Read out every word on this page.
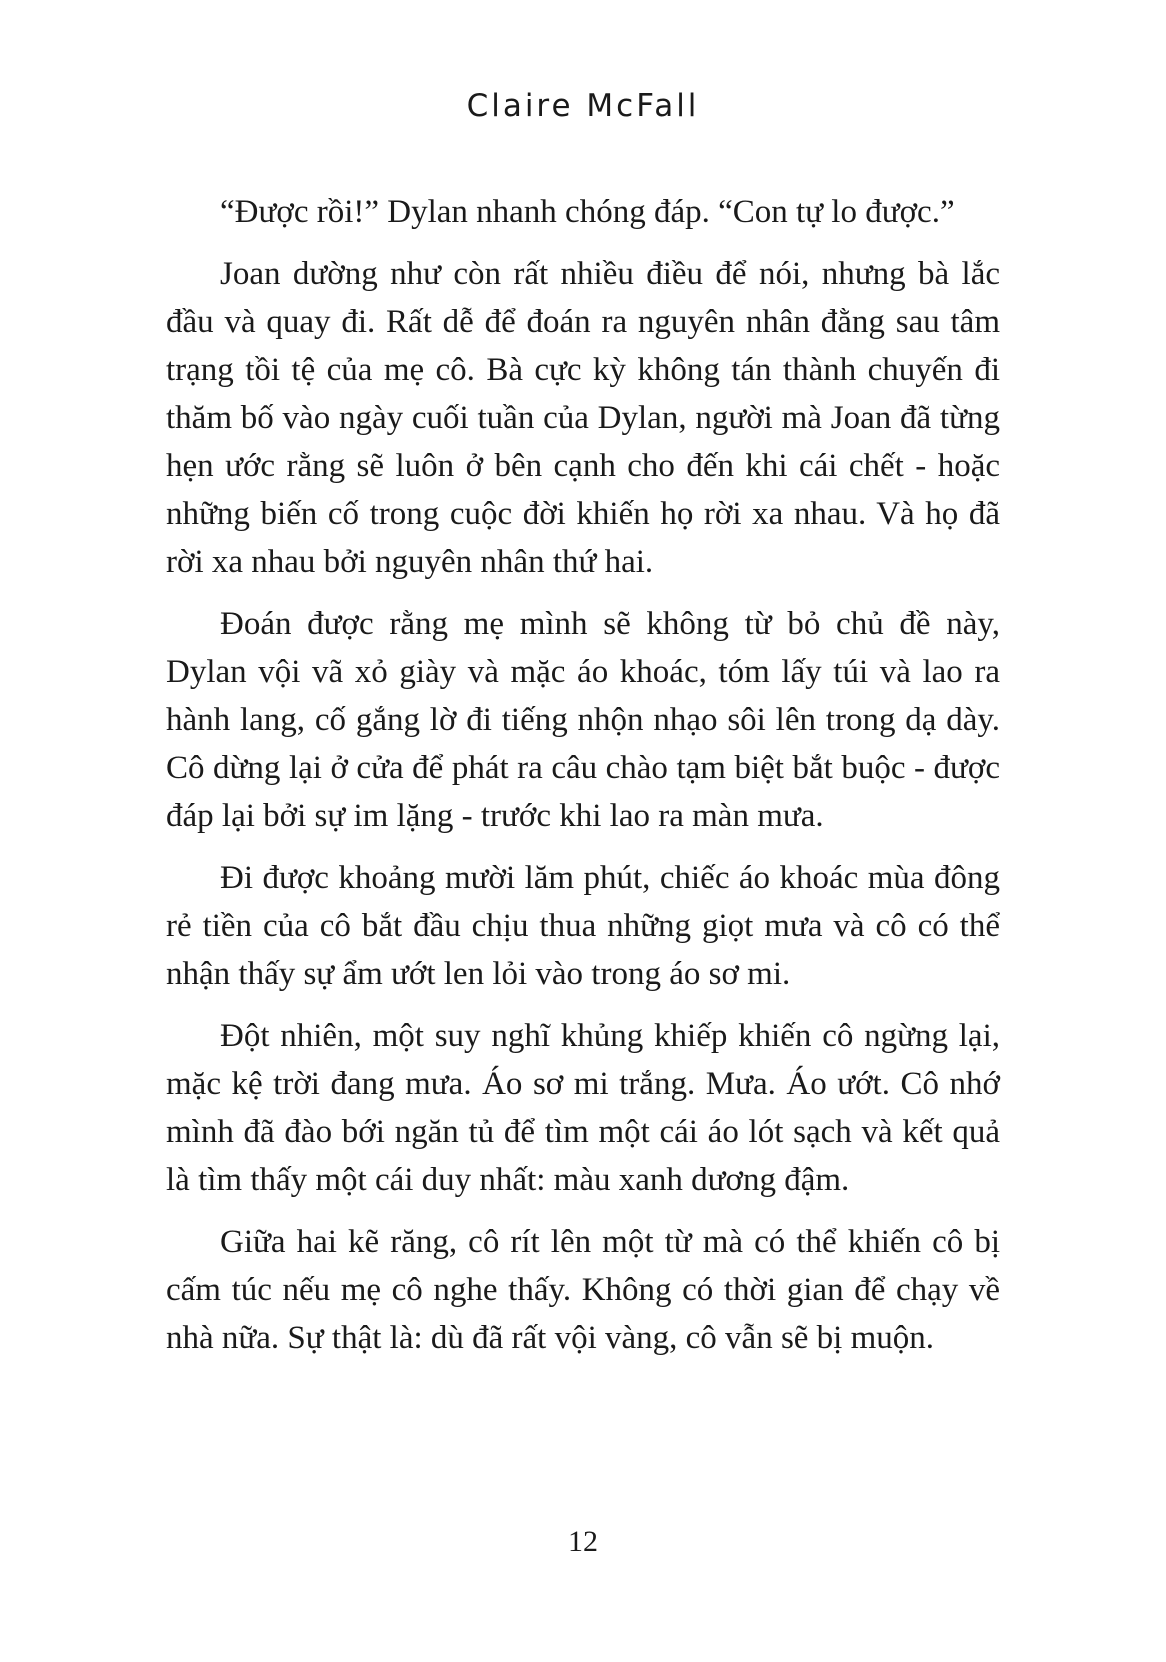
Claire McFall

“Được rồi!” Dylan nhanh chóng đáp. “Con tự lo được.”

Joan dường như còn rất nhiều điều để nói, nhưng bà lắc đầu và quay đi. Rất dễ để đoán ra nguyên nhân đằng sau tâm trạng tồi tệ của mẹ cô. Bà cực kỳ không tán thành chuyến đi thăm bố vào ngày cuối tuần của Dylan, người mà Joan đã từng hẹn ước rằng sẽ luôn ở bên cạnh cho đến khi cái chết - hoặc những biến cố trong cuộc đời khiến họ rời xa nhau. Và họ đã rời xa nhau bởi nguyên nhân thứ hai.

Đoán được rằng mẹ mình sẽ không từ bỏ chủ đề này, Dylan vội vã xỏ giày và mặc áo khoác, tóm lấy túi và lao ra hành lang, cố gắng lờ đi tiếng nhộn nhạo sôi lên trong dạ dày. Cô dừng lại ở cửa để phát ra câu chào tạm biệt bắt buộc - được đáp lại bởi sự im lặng - trước khi lao ra màn mưa.

Đi được khoảng mười lăm phút, chiếc áo khoác mùa đông rẻ tiền của cô bắt đầu chịu thua những giọt mưa và cô có thể nhận thấy sự ẩm ướt len lỏi vào trong áo sơ mi.

Đột nhiên, một suy nghĩ khủng khiếp khiến cô ngừng lại, mặc kệ trời đang mưa. Áo sơ mi trắng. Mưa. Áo ướt. Cô nhớ mình đã đào bới ngăn tủ để tìm một cái áo lót sạch và kết quả là tìm thấy một cái duy nhất: màu xanh dương đậm.

Giữa hai kẽ răng, cô rít lên một từ mà có thể khiến cô bị cấm túc nếu mẹ cô nghe thấy. Không có thời gian để chạy về nhà nữa. Sự thật là: dù đã rất vội vàng, cô vẫn sẽ bị muộn.

12
